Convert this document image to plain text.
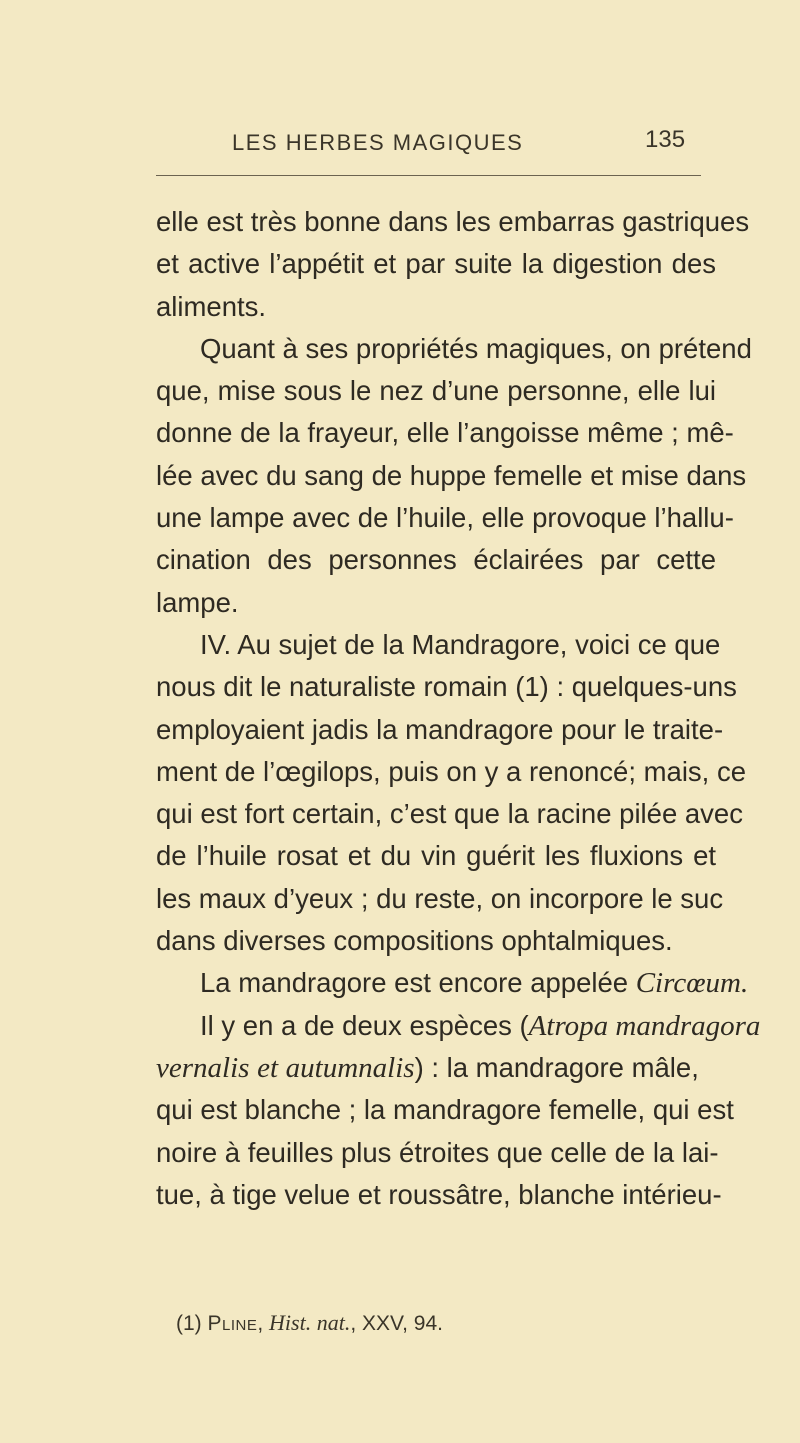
LES HERBES MAGIQUES	135
elle est très bonne dans les embarras gastriques
et active l’appétit et par suite la digestion des
aliments.
Quant à ses propriétés magiques, on prétend
que, mise sous le nez d’une personne, elle lui
donne de la frayeur, elle l’angoisse même ; mê-
lée avec du sang de huppe femelle et mise dans
une lampe avec de l’huile, elle provoque l’hallu-
cination des personnes éclairées par cette
lampe.
IV. Au sujet de la Mandragore, voici ce que
nous dit le naturaliste romain (1) : quelques-uns
employaient jadis la mandragore pour le traite-
ment de l’œgilops, puis on y a renoncé; mais, ce
qui est fort certain, c’est que la racine pilée avec
de l’huile rosat et du vin guérit les fluxions et
les maux d’yeux ; du reste, on incorpore le suc
dans diverses compositions ophtalmiques.
La mandragore est encore appelée Circœum.
Il y en a de deux espèces (Atropa mandragora
vernalis et autumnalis) : la mandragore mâle,
qui est blanche ; la mandragore femelle, qui est
noire à feuilles plus étroites que celle de la lai-
tue, à tige velue et roussâtre, blanche intérieu-
(1) Pline, Hist. nat., XXV, 94.
